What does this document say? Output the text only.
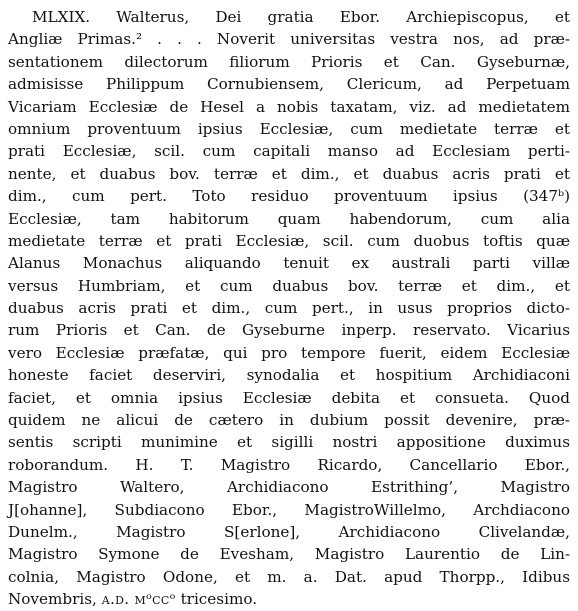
MLXIX. Walterus, Dei gratia Ebor. Archiepiscopus, et
Angliæ Primas.² . . . Noverit universitas vestra nos, ad præ-
sentationem dilectorum filiorum Prioris et Can. Gyseburnæ,
admisisse Philippum Cornubiensem, Clericum, ad Perpetuam
Vicariam Ecclesiæ de Hesel a nobis taxatam, viz. ad medietatem
omnium proventuum ipsius Ecclesiæ, cum medietate terræ et
prati Ecclesiæ, scil. cum capitali manso ad Ecclesiam perti-
nente, et duabus bov. terræ et dim., et duabus acris prati et
dim., cum pert. Toto residuo proventuum ipsius (347ᵇ)
Ecclesiæ, tam habitorum quam habendorum, cum alia
medietate terræ et prati Ecclesiæ, scil. cum duobus toftis quæ
Alanus Monachus aliquando tenuit ex australi parti villæ
versus Humbriam, et cum duabus bov. terræ et dim., et
duabus acris prati et dim., cum pert., in usus proprios dicto-
rum Prioris et Can. de Gyseburne inperp. reservato. Vicarius
vero Ecclesiæ præfatæ, qui pro tempore fuerit, eidem Ecclesiæ
honeste faciet deserviri, synodalia et hospitium Archidiaconi
faciet, et omnia ipsius Ecclesiæ debita et consueta. Quod
quidem ne alicui de cætero in dubium possit devenire, præ-
sentis scripti munimine et sigilli nostri appositione duximus
roborandum. H. T. Magistro Ricardo, Cancellario Ebor.,
Magistro Waltero, Archidiacono Estrithing’, Magistro
J[ohanne], Subdiacono Ebor., MagistroWillelmo, Archdiacono
Dunelm., Magistro S[erlone], Archidiacono Clivelandæ,
Magistro Symone de Evesham, Magistro Laurentio de Lin-
colnia, Magistro Odone, et m. a. Dat. apud Thorpp., Idibus
Novembris, a.d. mᵒccᵒ tricesimo.
